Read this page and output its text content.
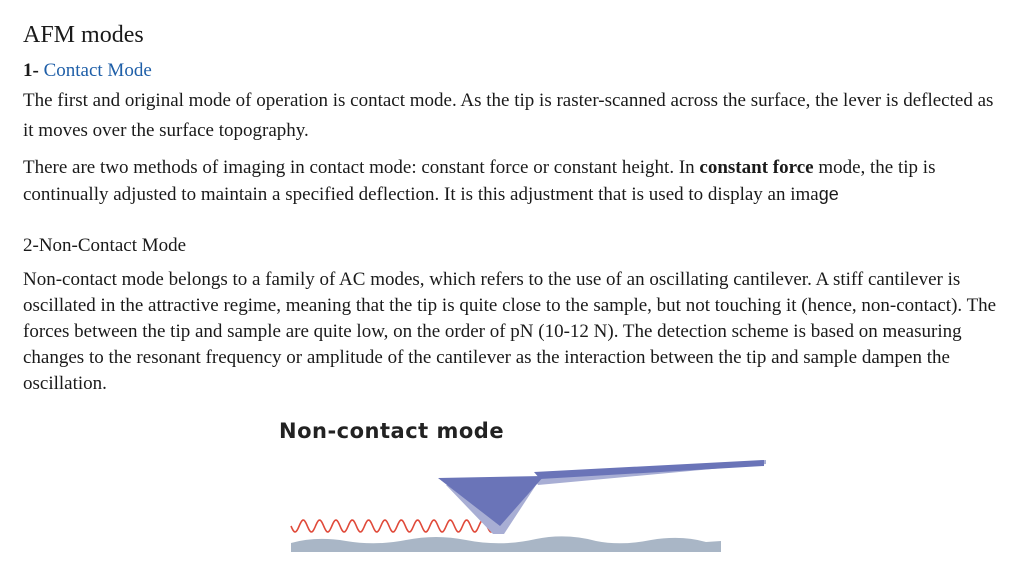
AFM modes
1- Contact Mode

The first and original mode of operation is contact mode. As the tip is raster-scanned across the surface, the lever is deflected as it moves over the surface topography.

There are two methods of imaging in contact mode: constant force or constant height. In constant force mode, the tip is continually adjusted to maintain a specified deflection. It is this adjustment that is used to display an image

2-Non-Contact Mode

Non-contact mode belongs to a family of AC modes, which refers to the use of an oscillating cantilever. A stiff cantilever is oscillated in the attractive regime, meaning that the tip is quite close to the sample, but not touching it (hence, non-contact). The forces between the tip and sample are quite low, on the order of pN (10-12 N). The detection scheme is based on measuring changes to the resonant frequency or amplitude of the cantilever as the interaction between the tip and sample dampen the oscillation.

Non-contact mode
